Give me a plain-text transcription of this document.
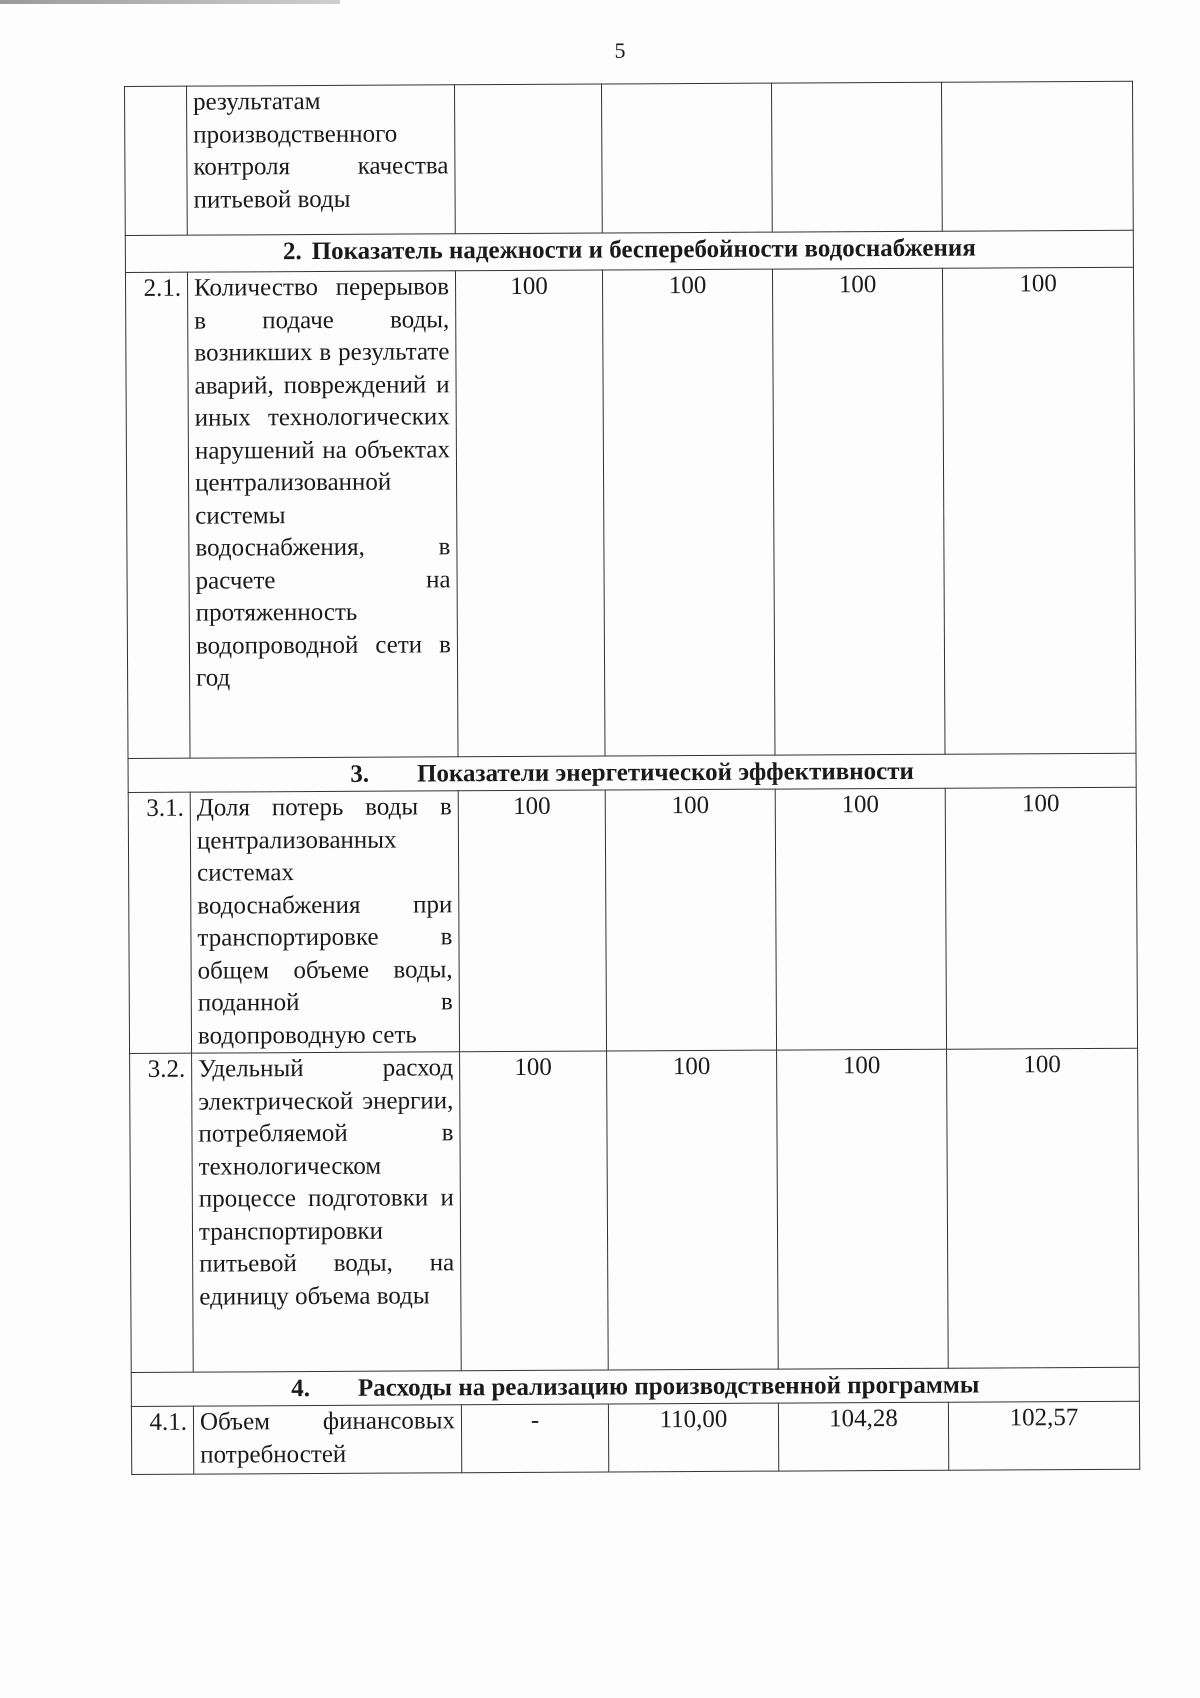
5
	результатам производственного контроля качества питьевой воды				
2. Показатель надежности и бесперебойности водоснабжения					
2.1.	Количество перерывов в подаче воды, возникших в результате аварий, повреждений и иных технологических нарушений на объектах централизованной системы водоснабжения, в расчете на протяженность водопроводной сети в год	100	100	100	100
3. Показатели энергетической эффективности					
3.1.	Доля потерь воды в централизованных системах водоснабжения при транспортировке в общем объеме воды, поданной в водопроводную сеть	100	100	100	100
3.2.	Удельный расход электрической энергии, потребляемой в технологическом процессе подготовки и транспортировки питьевой воды, на единицу объема воды	100	100	100	100
4. Расходы на реализацию производственной программы					
4.1.	Объем финансовых потребностей	-	110,00	104,28	102,57
